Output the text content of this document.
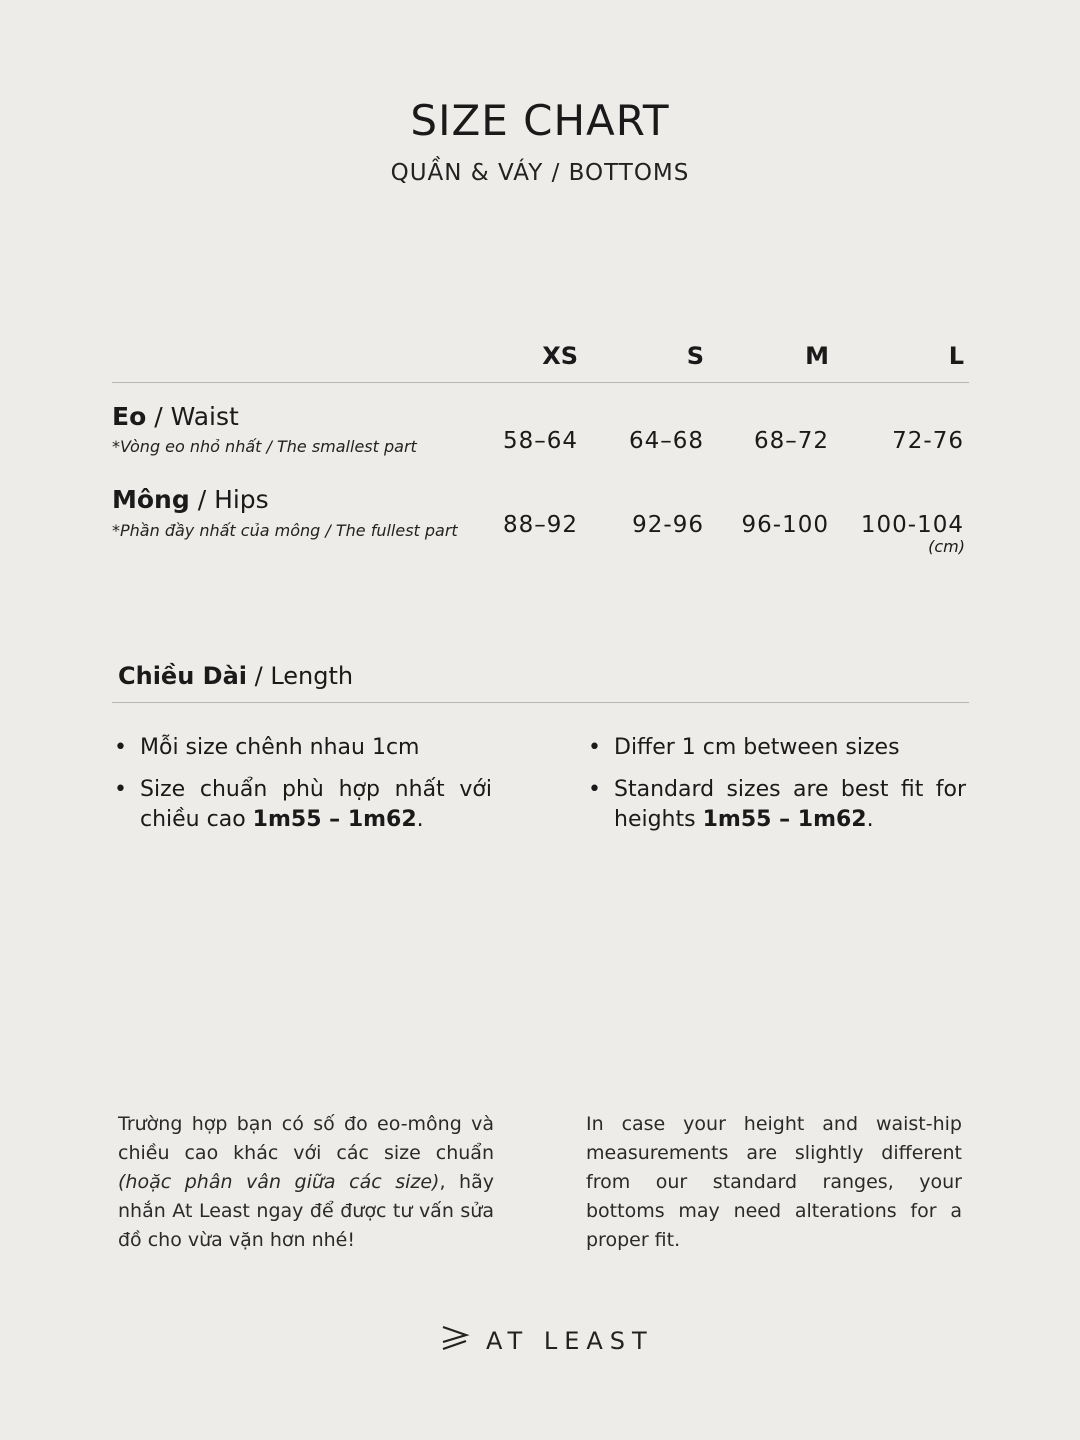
SIZE CHART
QUẦN & VÁY / BOTTOMS
XS	S	M	L
Eo / Waist
*Vòng eo nhỏ nhất / The smallest part	58–64	64–68	68–72	72-76
Mông / Hips
*Phần đầy nhất của mông / The fullest part	88–92	92-96	96-100	100-104
(cm)
Chiều Dài / Length
• Mỗi size chênh nhau 1cm
• Size chuẩn phù hợp nhất với chiều cao 1m55 – 1m62.
• Differ 1 cm between sizes
• Standard sizes are best fit for heights 1m55 – 1m62.
Trường hợp bạn có số đo eo-mông và chiều cao khác với các size chuẩn (hoặc phân vân giữa các size), hãy nhắn At Least ngay để được tư vấn sửa đồ cho vừa vặn hơn nhé!
In case your height and waist-hip measurements are slightly different from our standard ranges, your bottoms may need alterations for a proper fit.
AT LEAST
